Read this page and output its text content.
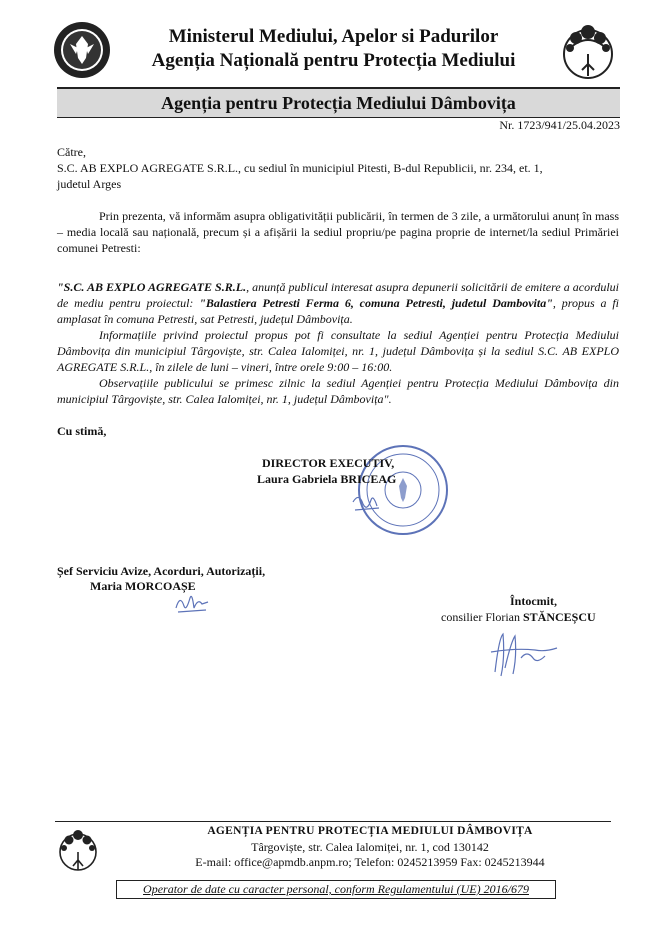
Ministerul Mediului, Apelor si Padurilor
Agenția Națională pentru Protecția Mediului
Agenția pentru Protecția Mediului Dâmbovița
Nr. 1723/941/25.04.2023
Către,
S.C. AB EXPLO AGREGATE S.R.L., cu sediul în municipiul Pitesti, B-dul Republicii, nr. 234, et. 1,
judetul Arges
Prin prezenta, vă informăm asupra obligativității publicării, în termen de 3 zile, a următorului anunț în mass – media locală sau națională, precum și a afișării la sediul propriu/pe pagina proprie de internet/la sediul Primăriei comunei Petresti:
"S.C. AB EXPLO AGREGATE S.R.L., anunță publicul interesat asupra depunerii solicitării de emitere a acordului de mediu pentru proiectul: "Balastiera Petresti Ferma 6, comuna Petresti, judetul Dambovita", propus a fi amplasat în comuna Petresti, sat Petresti, județul Dâmbovița.
Informațiile privind proiectul propus pot fi consultate la sediul Agenției pentru Protecția Mediului Dâmbovița din municipiul Târgoviște, str. Calea Ialomiței, nr. 1, județul Dâmbovița și la sediul S.C. AB EXPLO AGREGATE S.R.L., în zilele de luni – vineri, între orele 9:00 – 16:00.
Observațiile publicului se primesc zilnic la sediul Agenției pentru Protecția Mediului Dâmbovița din municipiul Târgoviște, str. Calea Ialomiței, nr. 1, județul Dâmbovița".
Cu stimă,
DIRECTOR EXECUTIV,
Laura Gabriela BRICEAG
Șef Serviciu Avize, Acorduri, Autorizații,
Maria MORCOAȘE
Întocmit,
consilier Florian STĂNCEȘCU
AGENȚIA PENTRU PROTECȚIA MEDIULUI DÂMBOVIȚA
Târgoviște, str. Calea Ialomiței, nr. 1, cod 130142
E-mail: office@apmdb.anpm.ro; Telefon: 0245213959 Fax: 0245213944
Operator de date cu caracter personal, conform Regulamentului (UE) 2016/679
